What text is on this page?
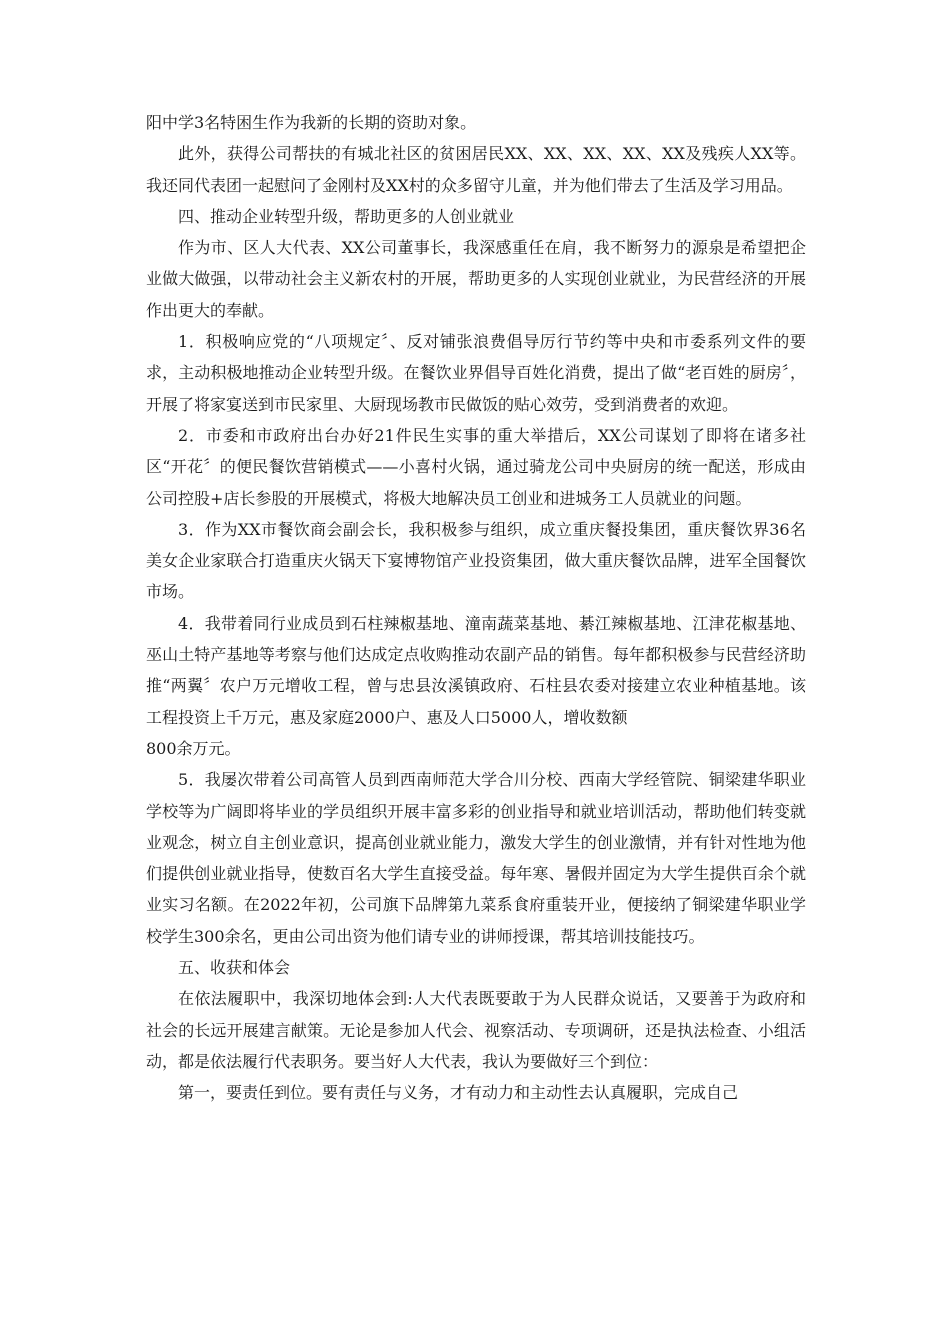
阳中学3名特困生作为我新的长期的资助对象。

此外，获得公司帮扶的有城北社区的贫困居民XX、XX、XX、XX、XX及残疾人XX等。我还同代表团一起慰问了金刚村及XX村的众多留守儿童，并为他们带去了生活及学习用品。

四、推动企业转型升级，帮助更多的人创业就业

作为市、区人大代表、XX公司董事长，我深感重任在肩，我不断努力的源泉是希望把企业做大做强，以带动社会主义新农村的开展，帮助更多的人实现创业就业，为民营经济的开展作出更大的奉献。

1．积极响应党的“八项规定〞、反对铺张浪费倡导厉行节约等中央和市委系列文件的要求，主动积极地推动企业转型升级。在餐饮业界倡导百姓化消费，提出了做“老百姓的厨房〞，开展了将家宴送到市民家里、大厨现场教市民做饭的贴心效劳，受到消费者的欢迎。

2．市委和市政府出台办好21件民生实事的重大举措后，XX公司谋划了即将在诸多社区“开花〞的便民餐饮营销模式——小喜村火锅，通过骑龙公司中央厨房的统一配送，形成由公司控股+店长参股的开展模式，将极大地解决员工创业和进城务工人员就业的问题。

3．作为XX市餐饮商会副会长，我积极参与组织，成立重庆餐投集团，重庆餐饮界36名美女企业家联合打造重庆火锅天下宴博物馆产业投资集团，做大重庆餐饮品牌，进军全国餐饮市场。

4．我带着同行业成员到石柱辣椒基地、潼南蔬菜基地、綦江辣椒基地、江津花椒基地、巫山土特产基地等考察与他们达成定点收购推动农副产品的销售。每年都积极参与民营经济助推“两翼〞农户万元增收工程，曾与忠县汝溪镇政府、石柱县农委对接建立农业种植基地。该工程投资上千万元，惠及家庭2000户、惠及人口5000人，增收数额

800余万元。

5．我屡次带着公司高管人员到西南师范大学合川分校、西南大学经管院、铜梁建华职业学校等为广阔即将毕业的学员组织开展丰富多彩的创业指导和就业培训活动，帮助他们转变就业观念，树立自主创业意识，提高创业就业能力，激发大学生的创业激情，并有针对性地为他们提供创业就业指导，使数百名大学生直接受益。每年寒、暑假并固定为大学生提供百余个就业实习名额。在2022年初，公司旗下品牌第九菜系食府重装开业，便接纳了铜梁建华职业学校学生300余名，更由公司出资为他们请专业的讲师授课，帮其培训技能技巧。

五、收获和体会

在依法履职中，我深切地体会到:人大代表既要敢于为人民群众说话，又要善于为政府和社会的长远开展建言献策。无论是参加人代会、视察活动、专项调研，还是执法检查、小组活动，都是依法履行代表职务。要当好人大代表，我认为要做好三个到位：

第一，要责任到位。要有责任与义务，才有动力和主动性去认真履职，完成自己
